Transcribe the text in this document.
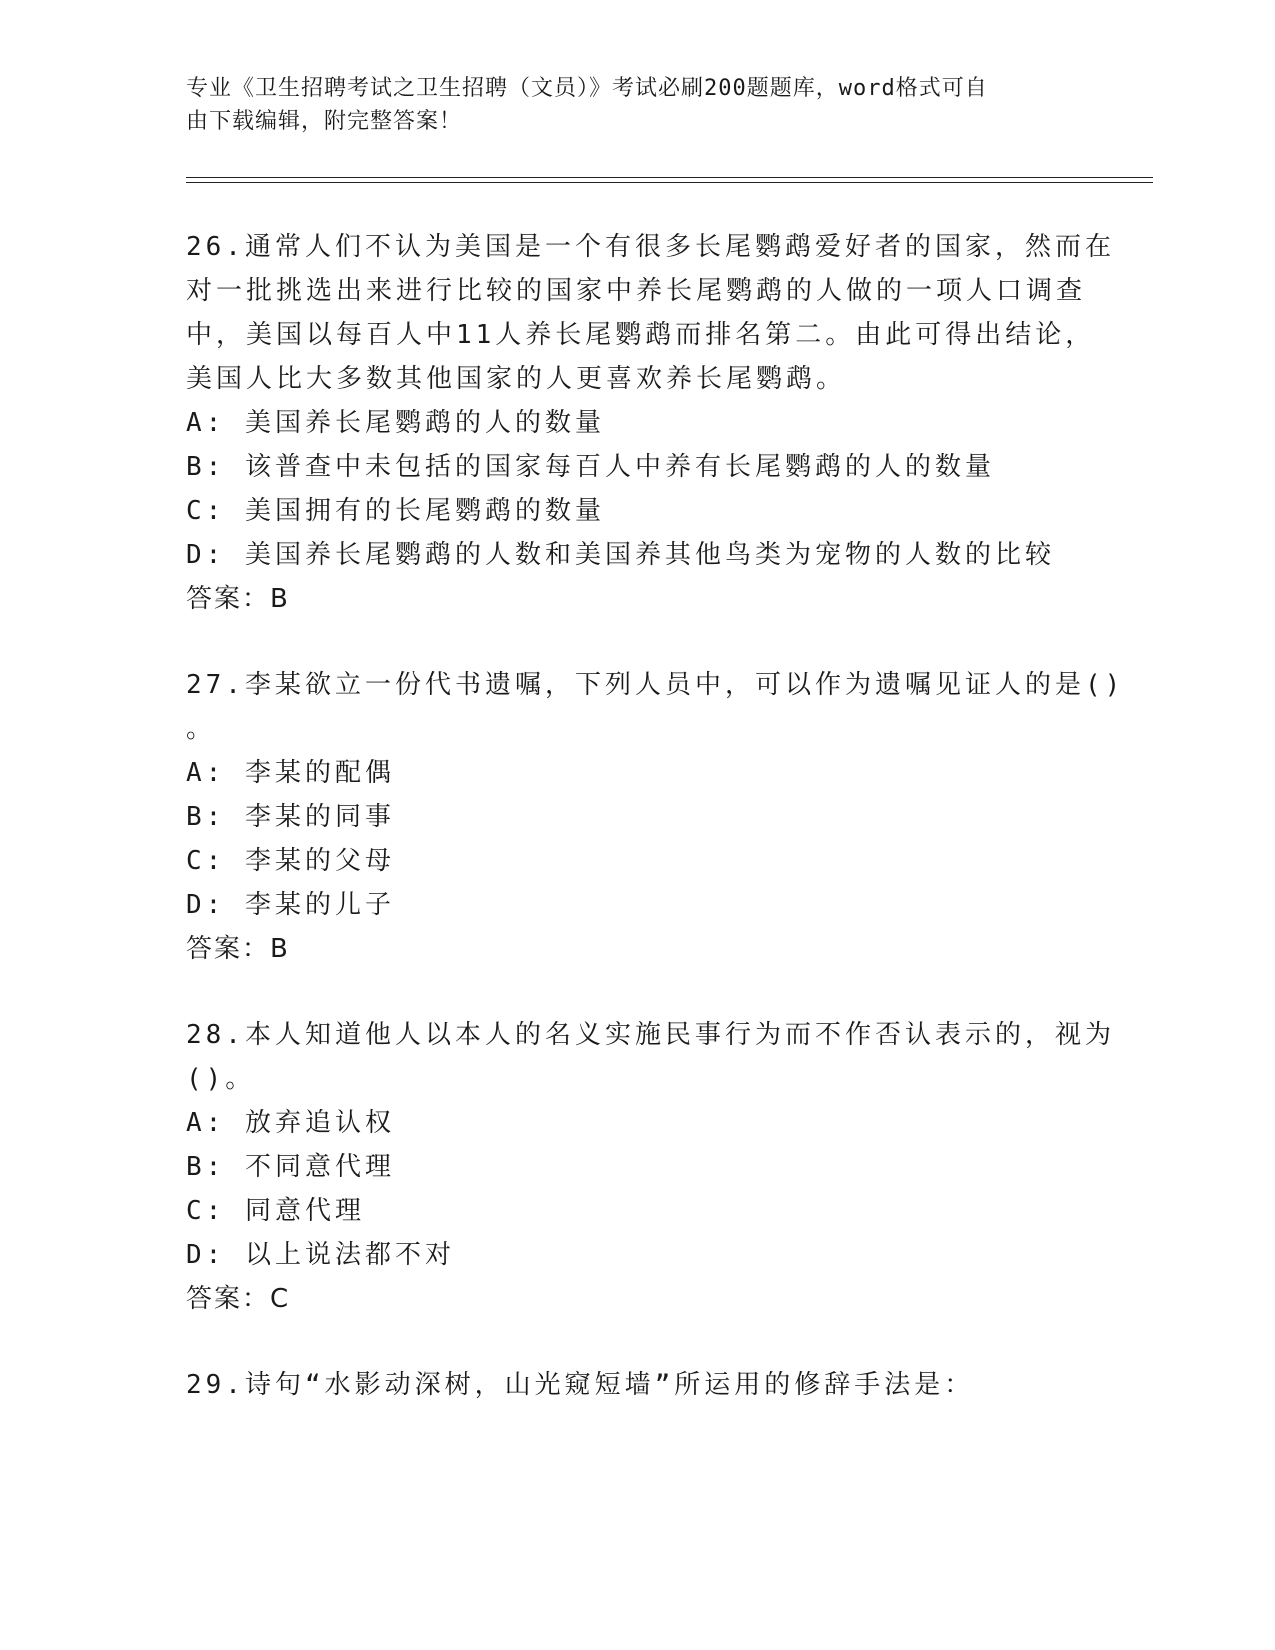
专业《卫生招聘考试之卫生招聘（文员）》考试必刷200题题库，word格式可自
由下载编辑，附完整答案！
26.通常人们不认为美国是一个有很多长尾鹦鹉爱好者的国家，然而在
对一批挑选出来进行比较的国家中养长尾鹦鹉的人做的一项人口调查
中，美国以每百人中11人养长尾鹦鹉而排名第二。由此可得出结论，
美国人比大多数其他国家的人更喜欢养长尾鹦鹉。
A: 美国养长尾鹦鹉的人的数量
B: 该普查中未包括的国家每百人中养有长尾鹦鹉的人的数量
C: 美国拥有的长尾鹦鹉的数量
D: 美国养长尾鹦鹉的人数和美国养其他鸟类为宠物的人数的比较
答案：B
27.李某欲立一份代书遗嘱，下列人员中，可以作为遗嘱见证人的是()
。
A: 李某的配偶
B: 李某的同事
C: 李某的父母
D: 李某的儿子
答案：B
28.本人知道他人以本人的名义实施民事行为而不作否认表示的，视为
()。
A: 放弃追认权
B: 不同意代理
C: 同意代理
D: 以上说法都不对
答案：C
29.诗句“水影动深树，山光窥短墙”所运用的修辞手法是：
